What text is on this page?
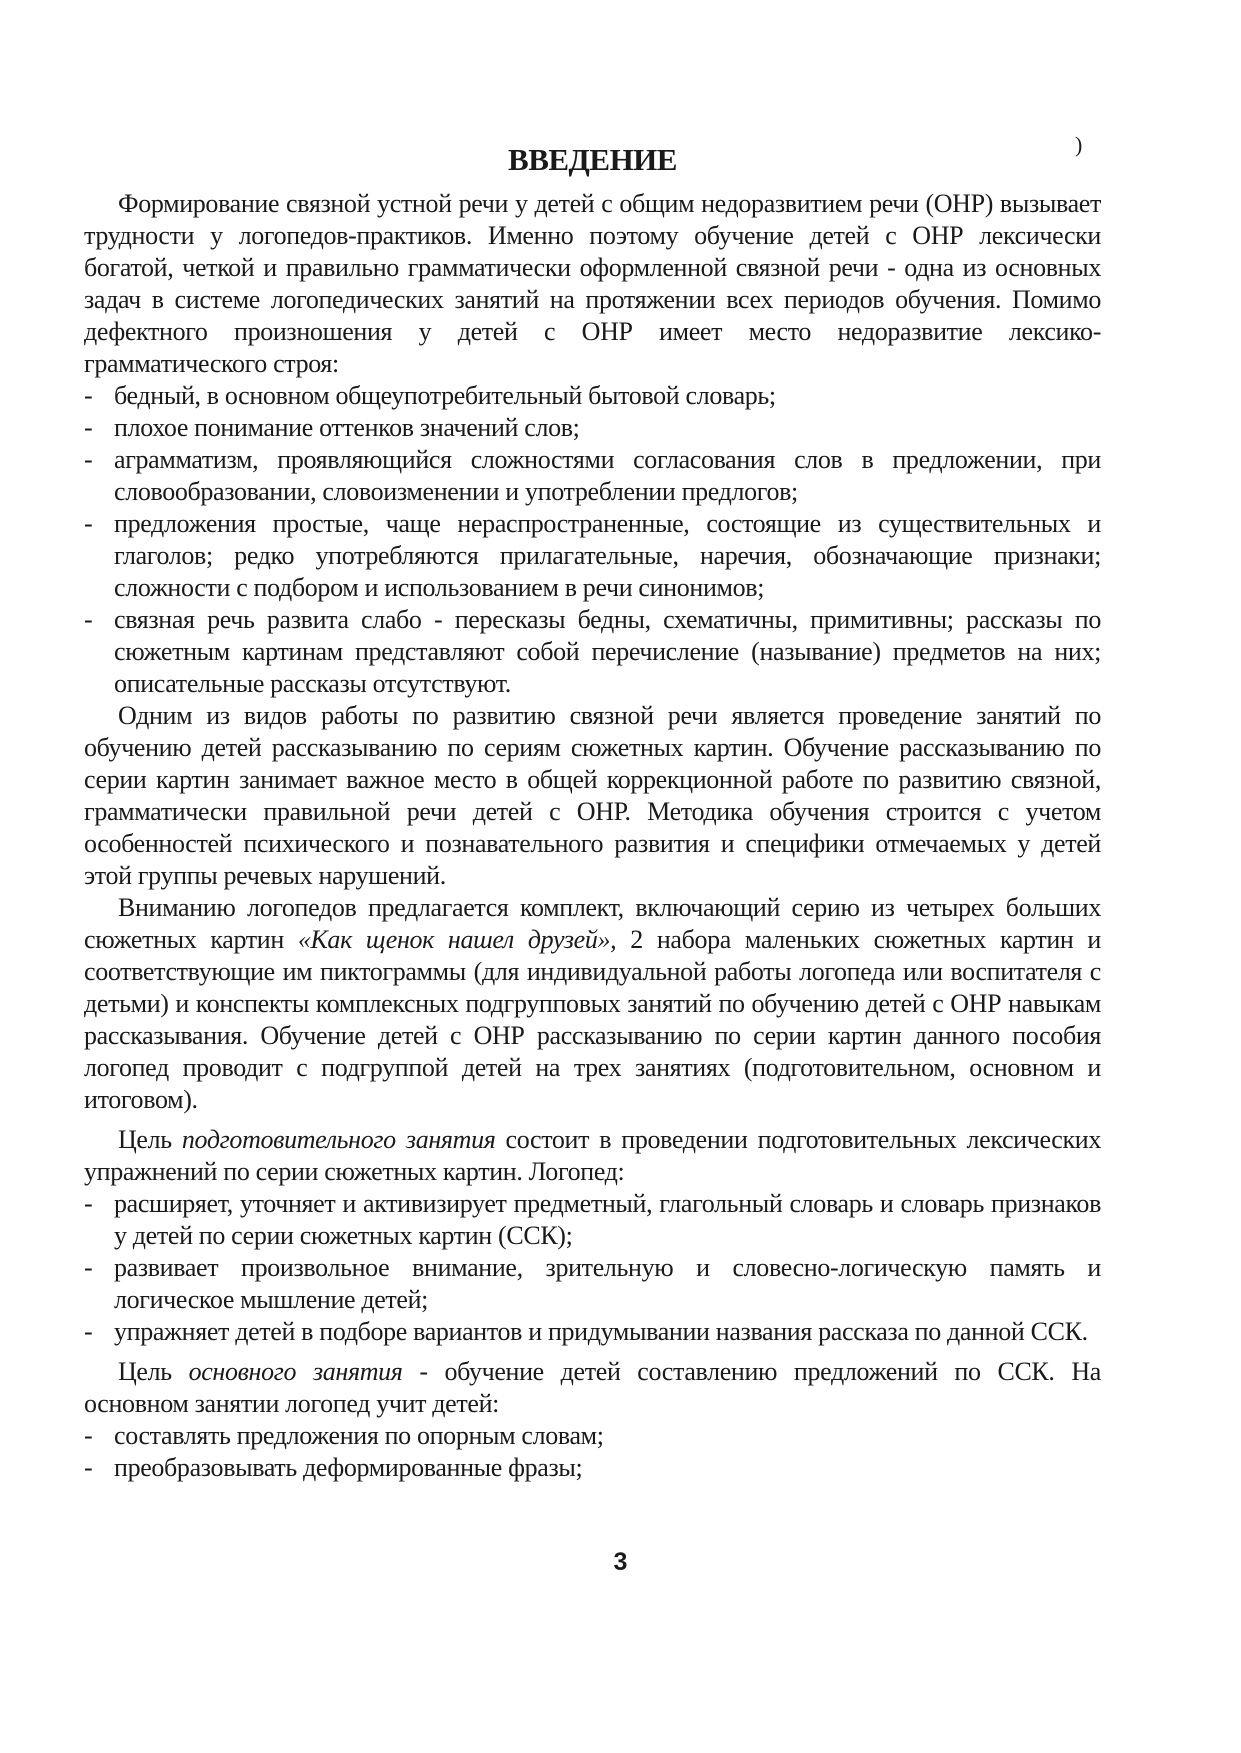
)
ВВЕДЕНИЕ

Формирование связной устной речи у детей с общим недоразвитием речи (ОНР) вызывает трудности у логопедов-практиков. Именно поэтому обучение детей с ОНР лексически богатой, четкой и правильно грамматически оформленной связной речи - одна из основных задач в системе логопедических занятий на протяжении всех периодов обучения. Помимо дефектного произношения у детей с ОНР имеет место недоразвитие лексико-грамматического строя:

- бедный, в основном общеупотребительный бытовой словарь;
- плохое понимание оттенков значений слов;
- аграмматизм, проявляющийся сложностями согласования слов в предложении, при словообразовании, словоизменении и употреблении предлогов;
- предложения простые, чаще нераспространенные, состоящие из существительных и глаголов; редко употребляются прилагательные, наречия, обозначающие признаки; сложности с подбором и использованием в речи синонимов;
- связная речь развита слабо - пересказы бедны, схематичны, примитивны; рассказы по сюжетным картинам представляют собой перечисление (называние) предметов на них; описательные рассказы отсутствуют.

Одним из видов работы по развитию связной речи является проведение занятий по обучению детей рассказыванию по сериям сюжетных картин. Обучение рассказыванию по серии картин занимает важное место в общей коррекционной работе по развитию связной, грамматически правильной речи детей с ОНР. Методика обучения строится с учетом особенностей психического и познавательного развития и специфики отмечаемых у детей этой группы речевых нарушений.

Вниманию логопедов предлагается комплект, включающий серию из четырех больших сюжетных картин «Как щенок нашел друзей», 2 набора маленьких сюжетных картин и соответствующие им пиктограммы (для индивидуальной работы логопеда или воспитателя с детьми) и конспекты комплексных подгрупповых занятий по обучению детей с ОНР навыкам рассказывания. Обучение детей с ОНР рассказыванию по серии картин данного пособия логопед проводит с подгруппой детей на трех занятиях (подготовительном, основном и итоговом).

Цель подготовительного занятия состоит в проведении подготовительных лексических упражнений по серии сюжетных картин. Логопед:

- расширяет, уточняет и активизирует предметный, глагольный словарь и словарь признаков у детей по серии сюжетных картин (ССК);
- развивает произвольное внимание, зрительную и словесно-логическую память и логическое мышление детей;
- упражняет детей в подборе вариантов и придумывании названия рассказа по данной ССК.

Цель основного занятия - обучение детей составлению предложений по ССК. На основном занятии логопед учит детей:

- составлять предложения по опорным словам;
- преобразовывать деформированные фразы;
3
